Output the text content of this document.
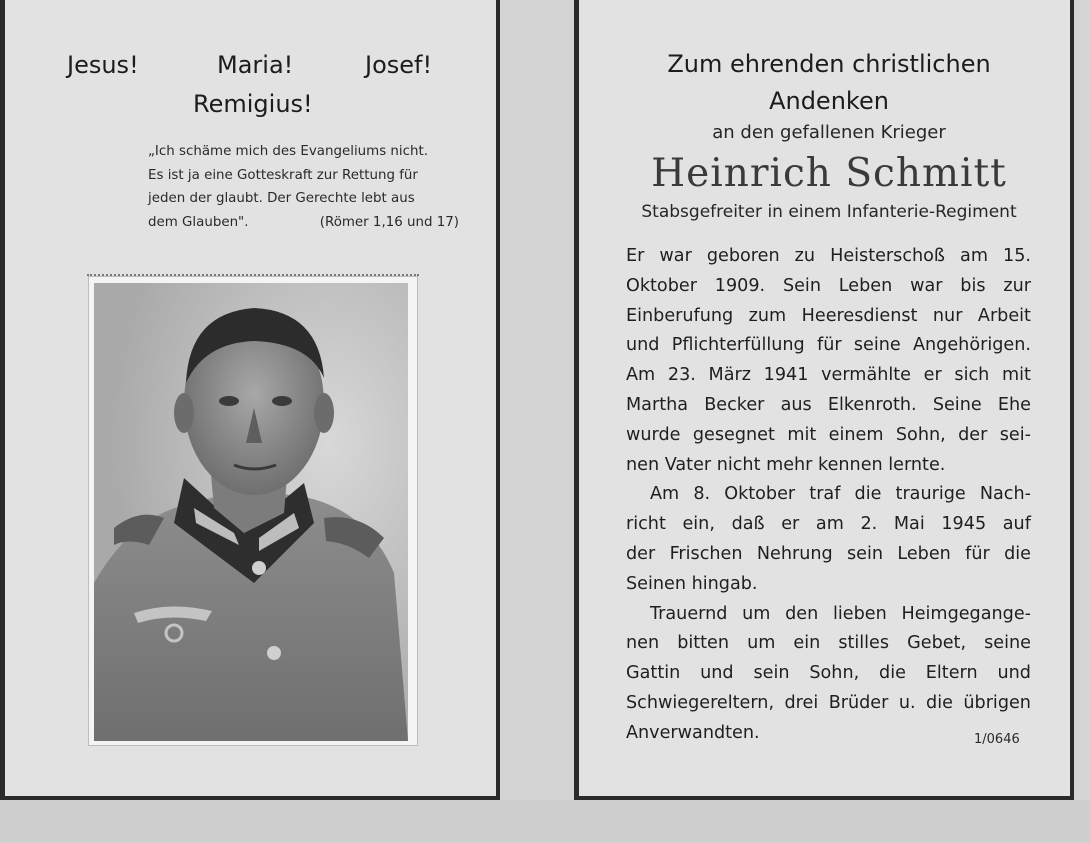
Jesus!	Maria!	Josef!
Remigius!
„Ich schäme mich des Evangeliums nicht.
Es ist ja eine Gotteskraft zur Rettung für
jeden der glaubt. Der Gerechte lebt aus
dem Glauben".	(Römer 1,16 und 17)
Zum ehrenden christlichen
Andenken
an den gefallenen Krieger
Heinrich Schmitt
Stabsgefreiter in einem Infanterie-Regiment
Er war geboren zu Heisterschoß am 15.
Oktober 1909. Sein Leben war bis zur
Einberufung zum Heeresdienst nur Arbeit
und Pflichterfüllung für seine Angehörigen.
Am 23. März 1941 vermählte er sich mit
Martha Becker aus Elkenroth. Seine Ehe
wurde gesegnet mit einem Sohn, der sei-
nen Vater nicht mehr kennen lernte.
Am 8. Oktober traf die traurige Nach-
richt ein, daß er am 2. Mai 1945 auf
der Frischen Nehrung sein Leben für die
Seinen hingab.
Trauernd um den lieben Heimgegange-
nen bitten um ein stilles Gebet, seine
Gattin und sein Sohn, die Eltern und
Schwiegereltern, drei Brüder u. die übrigen
Anverwandten.	1/0646
